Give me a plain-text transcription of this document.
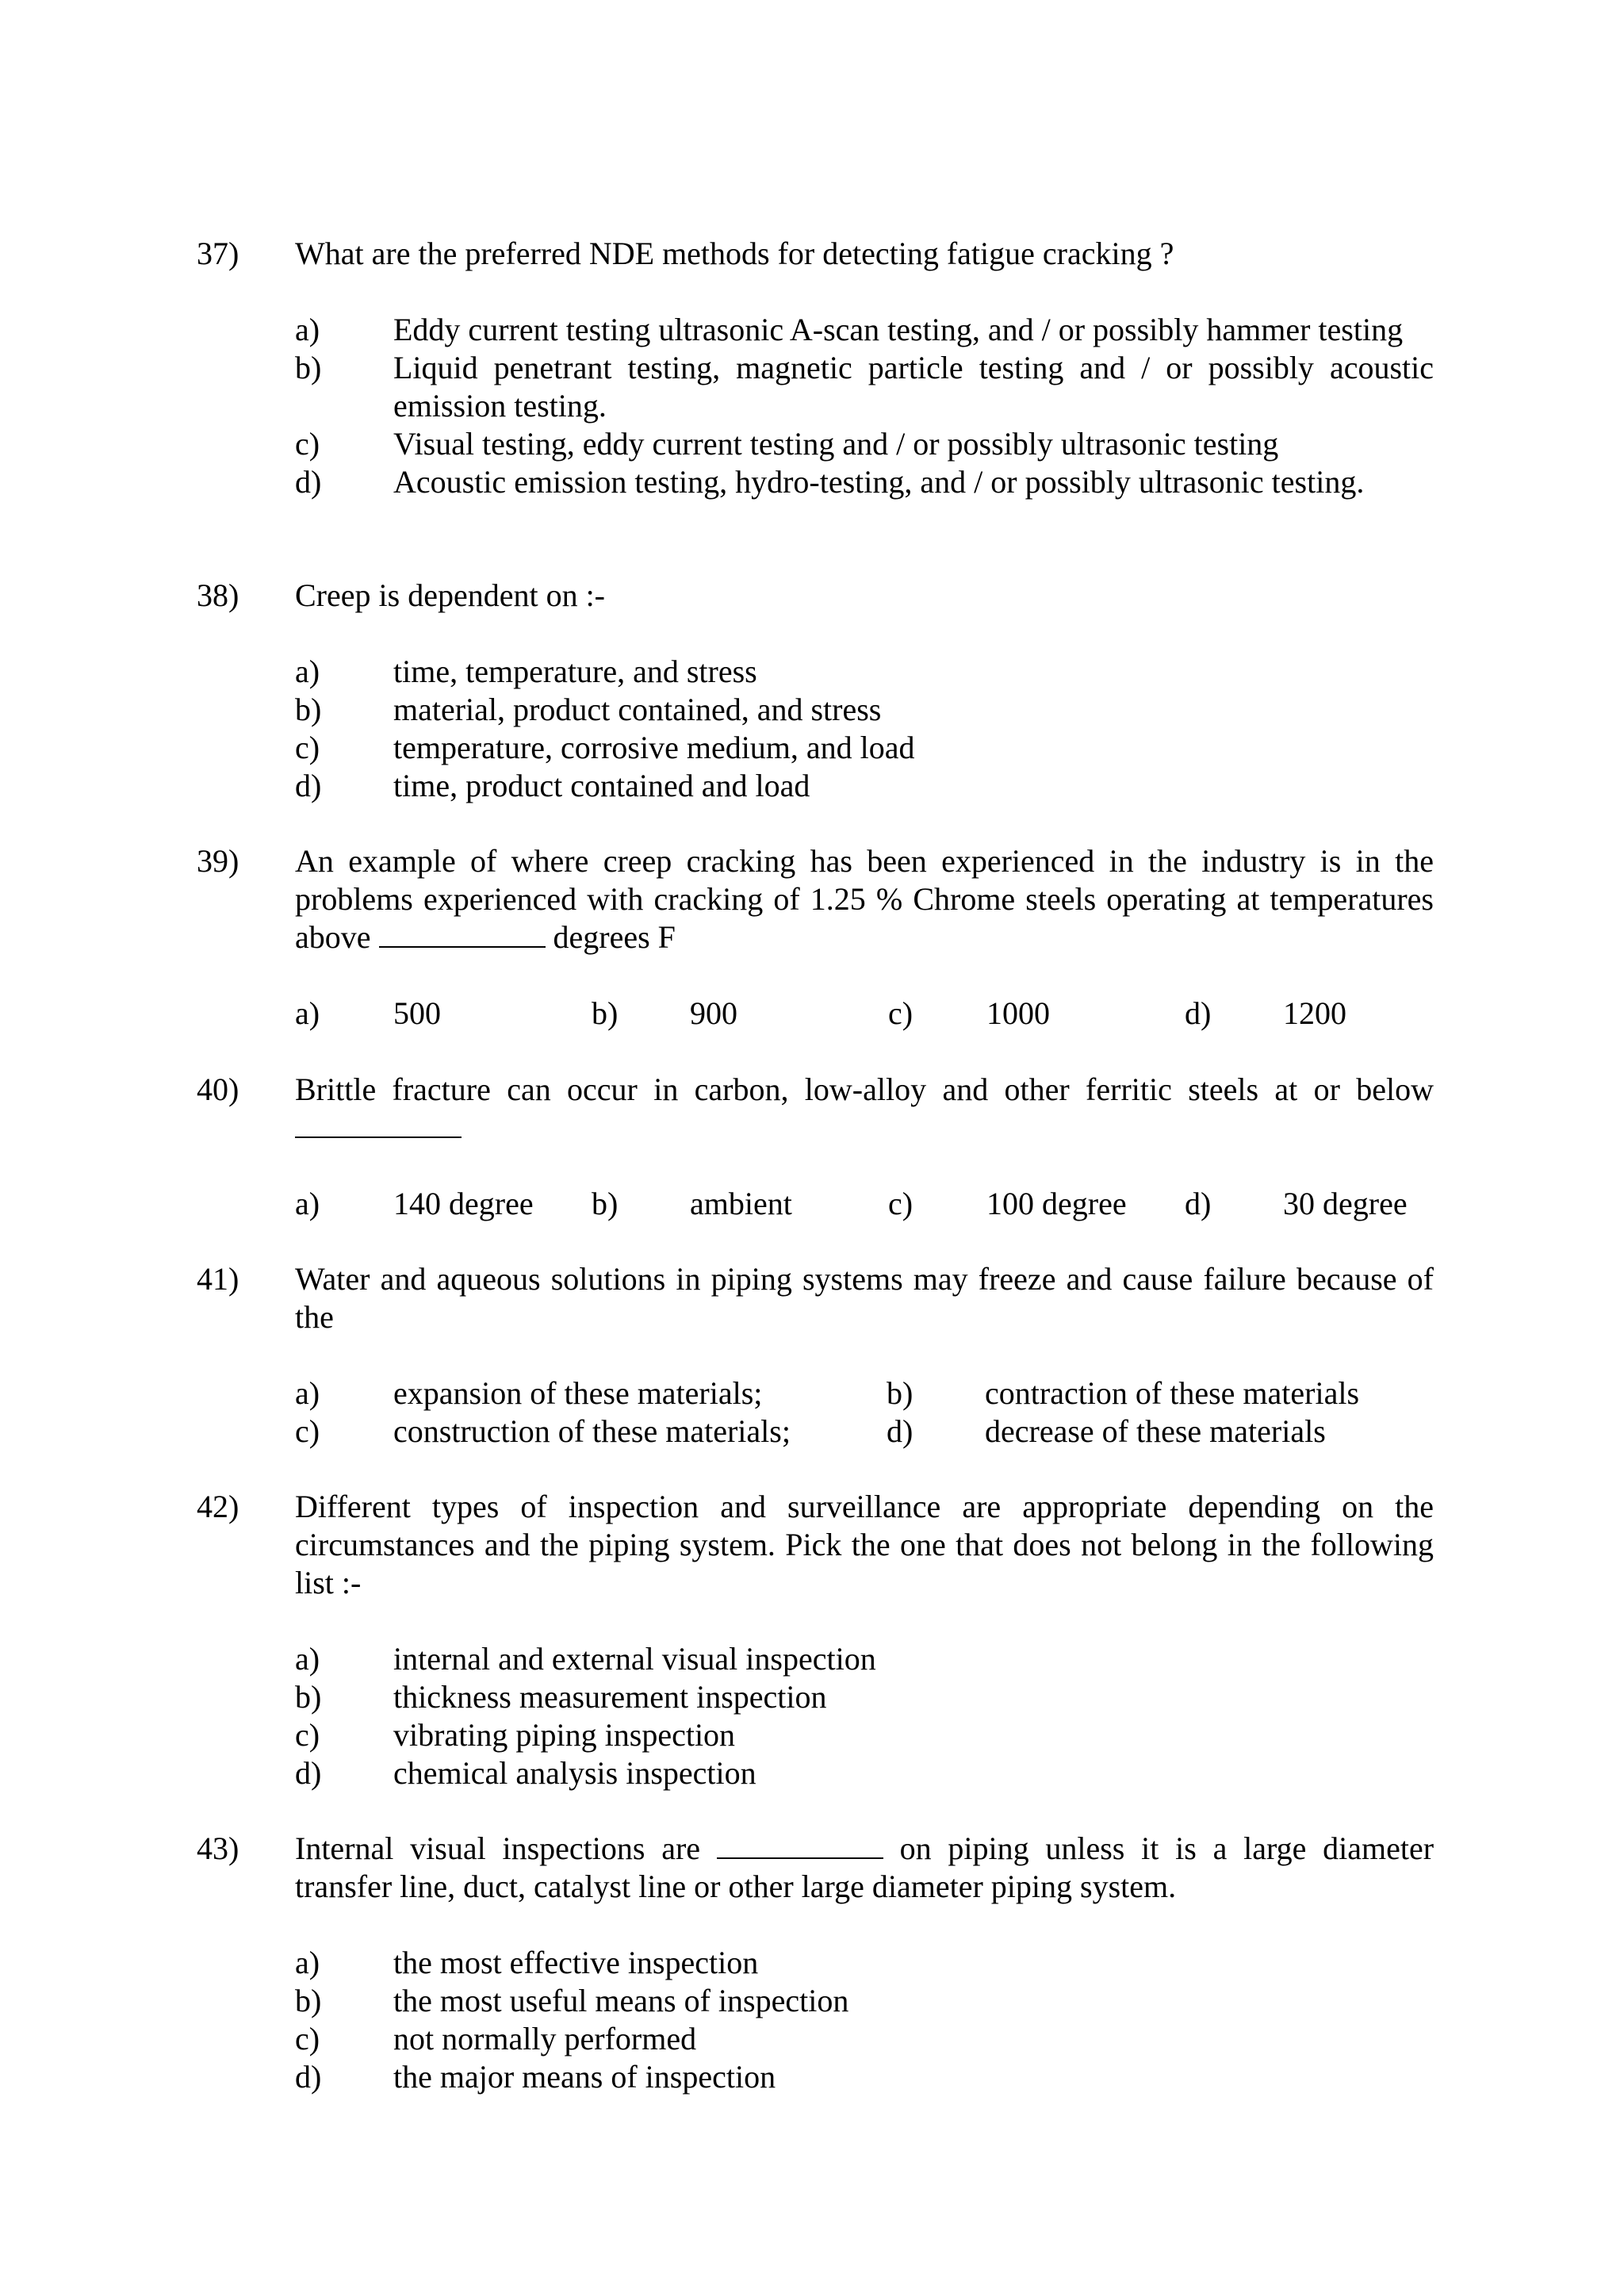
37)	What are the preferred NDE methods for detecting fatigue cracking ?
a)	Eddy current testing ultrasonic A-scan testing, and / or possibly hammer testing
b)	Liquid penetrant testing, magnetic particle testing and / or possibly acoustic emission testing.
c)	Visual testing, eddy current testing and / or possibly ultrasonic testing
d)	Acoustic emission testing, hydro-testing, and / or possibly ultrasonic testing.
38)	Creep is dependent on :-
a)	time, temperature, and stress
b)	material, product contained, and stress
c)	temperature, corrosive medium, and load
d)	time, product contained and load
39)	An example of where creep cracking has been experienced in the industry is in the problems experienced with cracking of 1.25 % Chrome steels operating at temperatures above	degrees F
a)	500	b)	900	c)	1000	d)	1200
40)	Brittle fracture can occur in carbon, low-alloy and other ferritic steels at or below
a)	140 degree	b)	ambient	c)	100 degree	d)	30 degree
41)	Water and aqueous solutions in piping systems may freeze and cause failure because of the
a)	expansion of these materials;	b)	contraction of these materials
c)	construction of these materials;	d)	decrease of these materials
42)	Different types of inspection and surveillance are appropriate depending on the circumstances and the piping system. Pick the one that does not belong in the following list :-
a)	internal and external visual inspection
b)	thickness measurement inspection
c)	vibrating piping inspection
d)	chemical analysis inspection
43)	Internal visual inspections are	on piping unless it is a large diameter transfer line, duct, catalyst line or other large diameter piping system.
a)	the most effective inspection
b)	the most useful means of inspection
c)	not normally performed
d)	the major means of inspection
